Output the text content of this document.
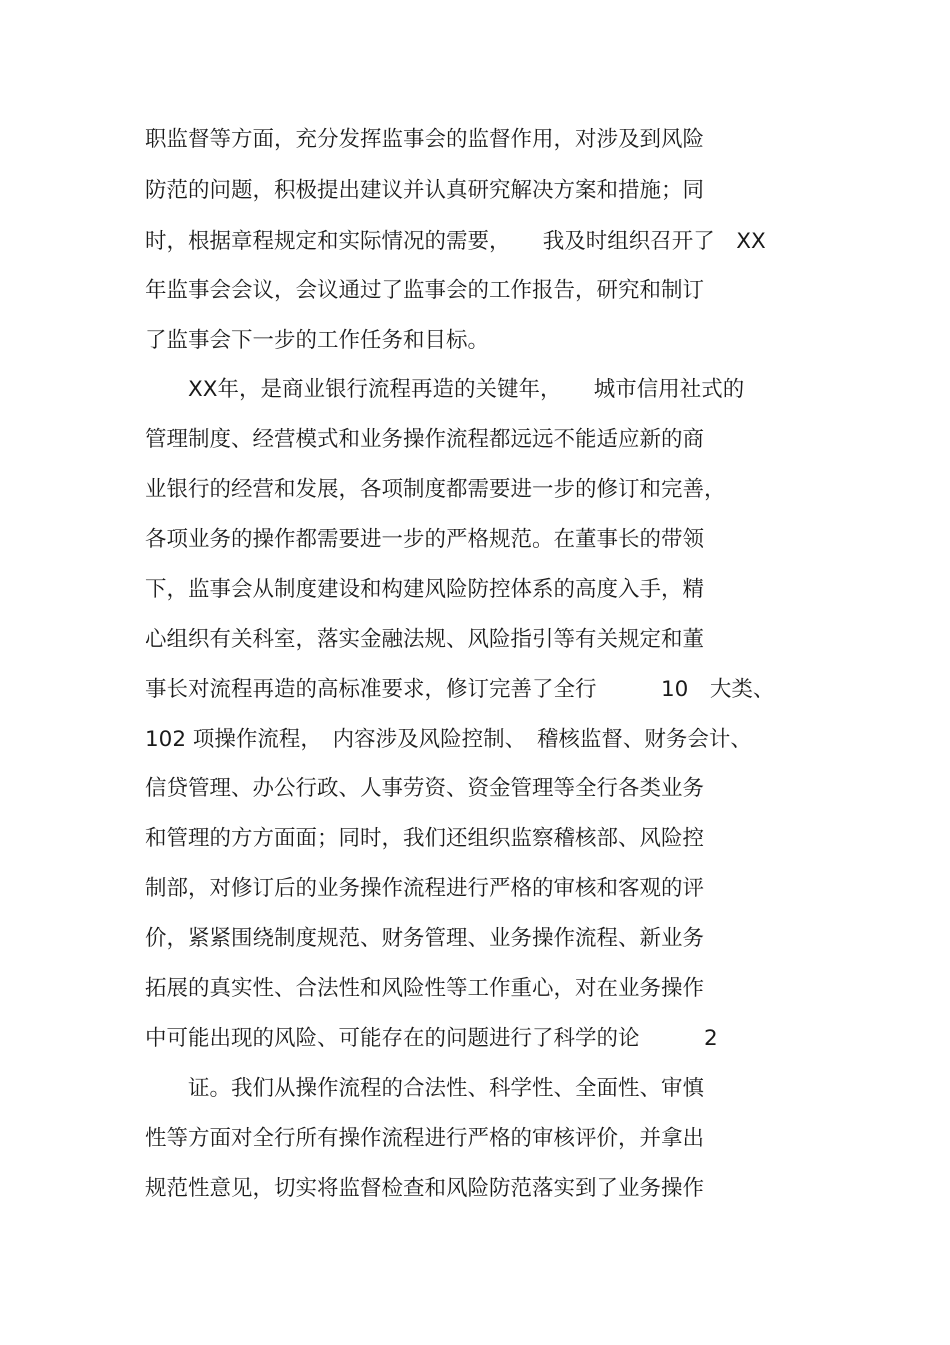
职监督等方面，充分发挥监事会的监督作用，对涉及到风险
防范的问题，积极提出建议并认真研究解决方案和措施；同
时，根据章程规定和实际情况的需要，　　我及时组织召开了　XX
年监事会会议，会议通过了监事会的工作报告，研究和制订
了监事会下一步的工作任务和目标。
　　XX年，是商业银行流程再造的关键年，　　城市信用社式的
管理制度、经营模式和业务操作流程都远远不能适应新的商
业银行的经营和发展，各项制度都需要进一步的修订和完善，
各项业务的操作都需要进一步的严格规范。在董事长的带领
下，监事会从制度建设和构建风险防控体系的高度入手，精
心组织有关科室，落实金融法规、风险指引等有关规定和董
事长对流程再造的高标准要求，修订完善了全行　　　10　大类、
102 项操作流程，　内容涉及风险控制、　稽核监督、财务会计、
信贷管理、办公行政、人事劳资、资金管理等全行各类业务
和管理的方方面面；同时，我们还组织监察稽核部、风险控
制部，对修订后的业务操作流程进行严格的审核和客观的评
价，紧紧围绕制度规范、财务管理、业务操作流程、新业务
拓展的真实性、合法性和风险性等工作重心，对在业务操作
中可能出现的风险、可能存在的问题进行了科学的论　　　2
　　证。我们从操作流程的合法性、科学性、全面性、审慎
性等方面对全行所有操作流程进行严格的审核评价，并拿出
规范性意见，切实将监督检查和风险防范落实到了业务操作
